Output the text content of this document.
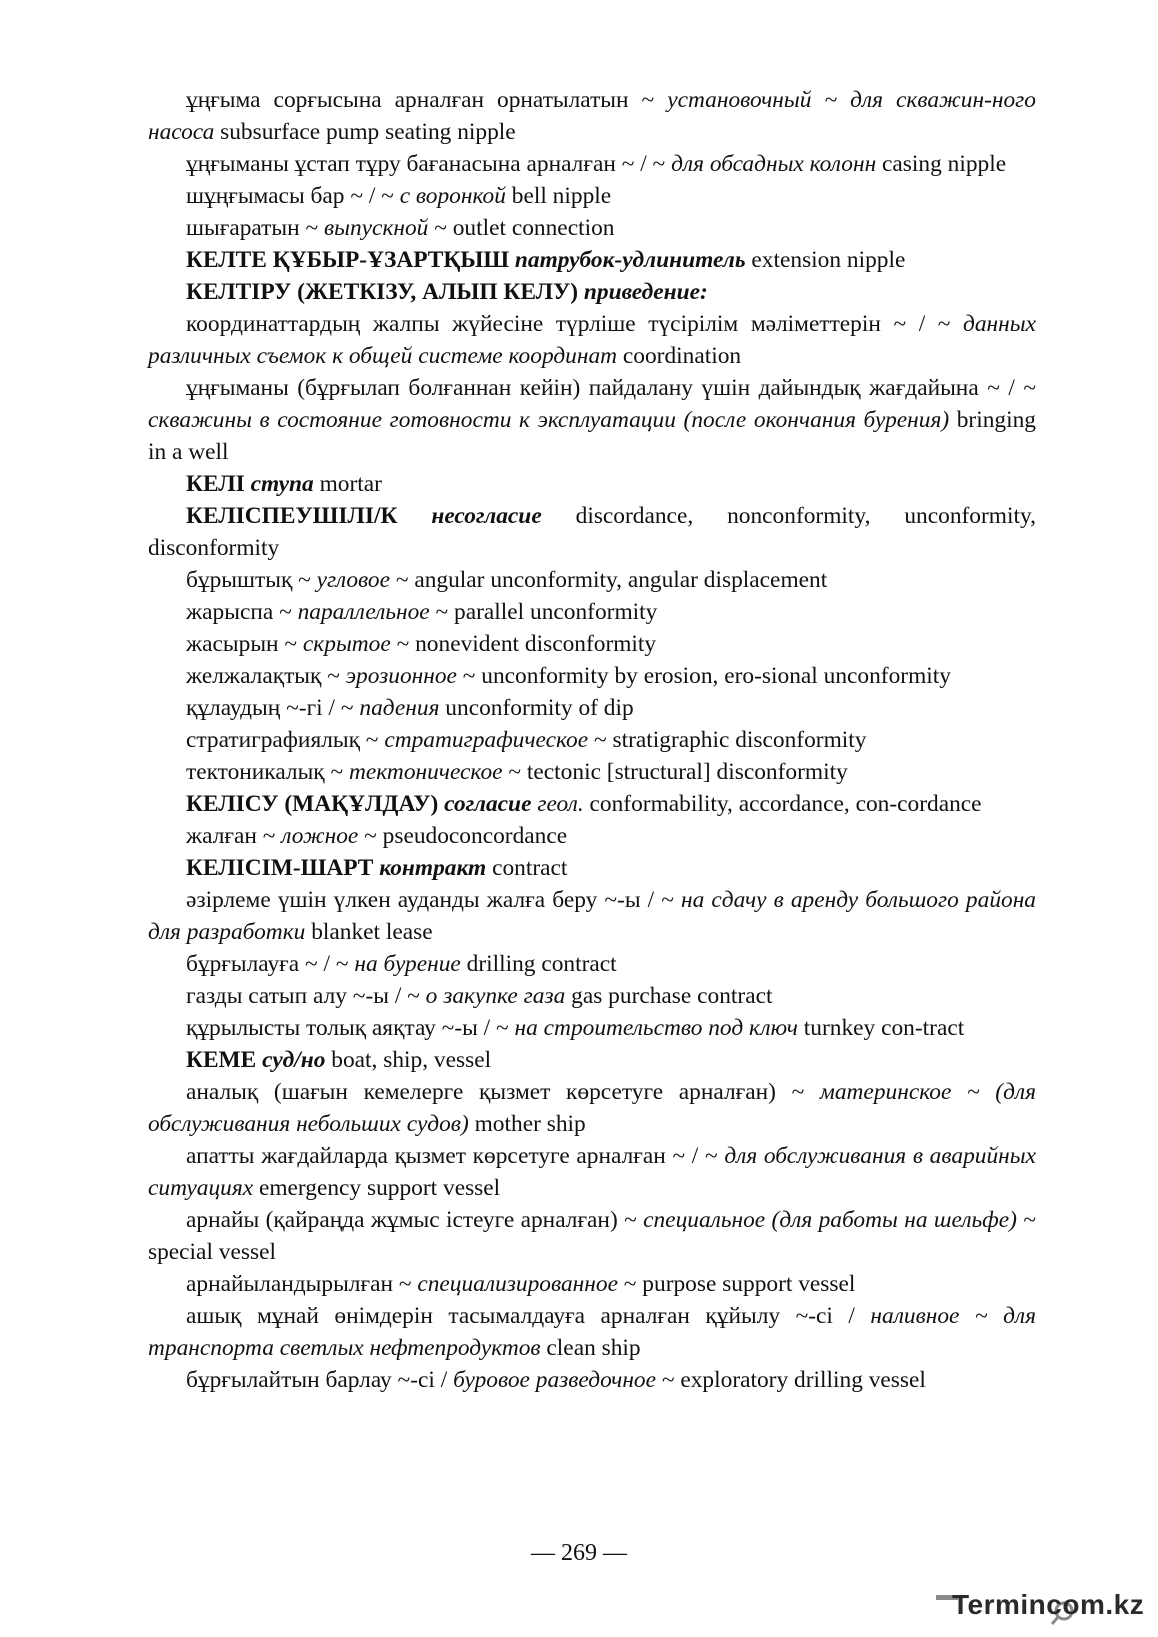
ұңғыма сорғысына арналған орнатылатын ~ установочный ~ для скважин-ного насоса subsurface pump seating nipple

ұңғыманы ұстап тұру бағанасына арналған ~ / ~ для обсадных колонн casing nipple

шұңғымасы бар ~ / ~ с воронкой bell nipple

шығаратын ~ выпускной ~ outlet connection

КЕЛТЕ ҚҰБЫР-ҰЗАРТҚЫШ патрубок-удлинитель extension nipple

КЕЛТІРУ (ЖЕТКІЗУ, АЛЫП КЕЛУ) приведение:

координаттардың жалпы жүйесіне түрліше түсірілім мәліметтерін ~ / ~ данных различных съемок к общей системе координат coordination

ұңғыманы (бұрғылап болғаннан кейін) пайдалану үшін дайындық жағдайына ~ / ~ скважины в состояние готовности к эксплуатации (после окончания бурения) bringing in a well

КЕЛІ ступа mortar

КЕЛІСПЕУШІЛІ/К несогласие discordance, nonconformity, unconformity, disconformity

бұрыштық ~ угловое ~ angular unconformity, angular displacement

жарыспа ~ параллельное ~ parallel unconformity

жасырын ~ скрытое ~ nonevident disconformity

желжалақтық ~ эрозионное ~ unconformity by erosion, ero-sional unconformity

құлаудың ~-гі / ~ падения unconformity of dip

стратиграфиялық ~ стратиграфическое ~ stratigraphic disconformity

тектоникалық ~ тектоническое ~ tectonic [structural] disconformity

КЕЛІСУ (МАҚҰЛДАУ) согласие геол. conformability, accordance, con-cordance

жалған ~ ложное ~ pseudoconcordance

КЕЛІСІМ-ШАРТ контракт contract

әзірлеме үшін үлкен ауданды жалға беру ~-ы / ~ на сдачу в аренду большого района для разработки blanket lease

бұрғылауға ~ / ~ на бурение drilling contract

газды сатып алу ~-ы / ~ о закупке газа gas purchase contract

құрылысты толық аяқтау ~-ы / ~ на строительство под ключ turnkey con-tract

КЕМЕ суд/но boat, ship, vessel

аналық (шағын кемелерге қызмет көрсетуге арналған) ~ материнское ~ (для обслуживания небольших судов) mother ship

апатты жағдайларда қызмет көрсетуге арналған ~ / ~ для обслуживания в аварийных ситуациях emergency support vessel

арнайы (қайраңда жұмыс істеуге арналған) ~ специальное (для работы на шельфе) ~ special vessel

арнайыландырылған ~ специализированное ~ purpose support vessel

ашық мұнай өнімдерін тасымалдауға арналған құйылу ~-сі / наливное ~ для транспорта светлых нефтепродуктов clean ship

бұрғылайтын барлау ~-сі / буровое разведочное ~ exploratory drilling vessel

— 269 —
Termincom.kz
